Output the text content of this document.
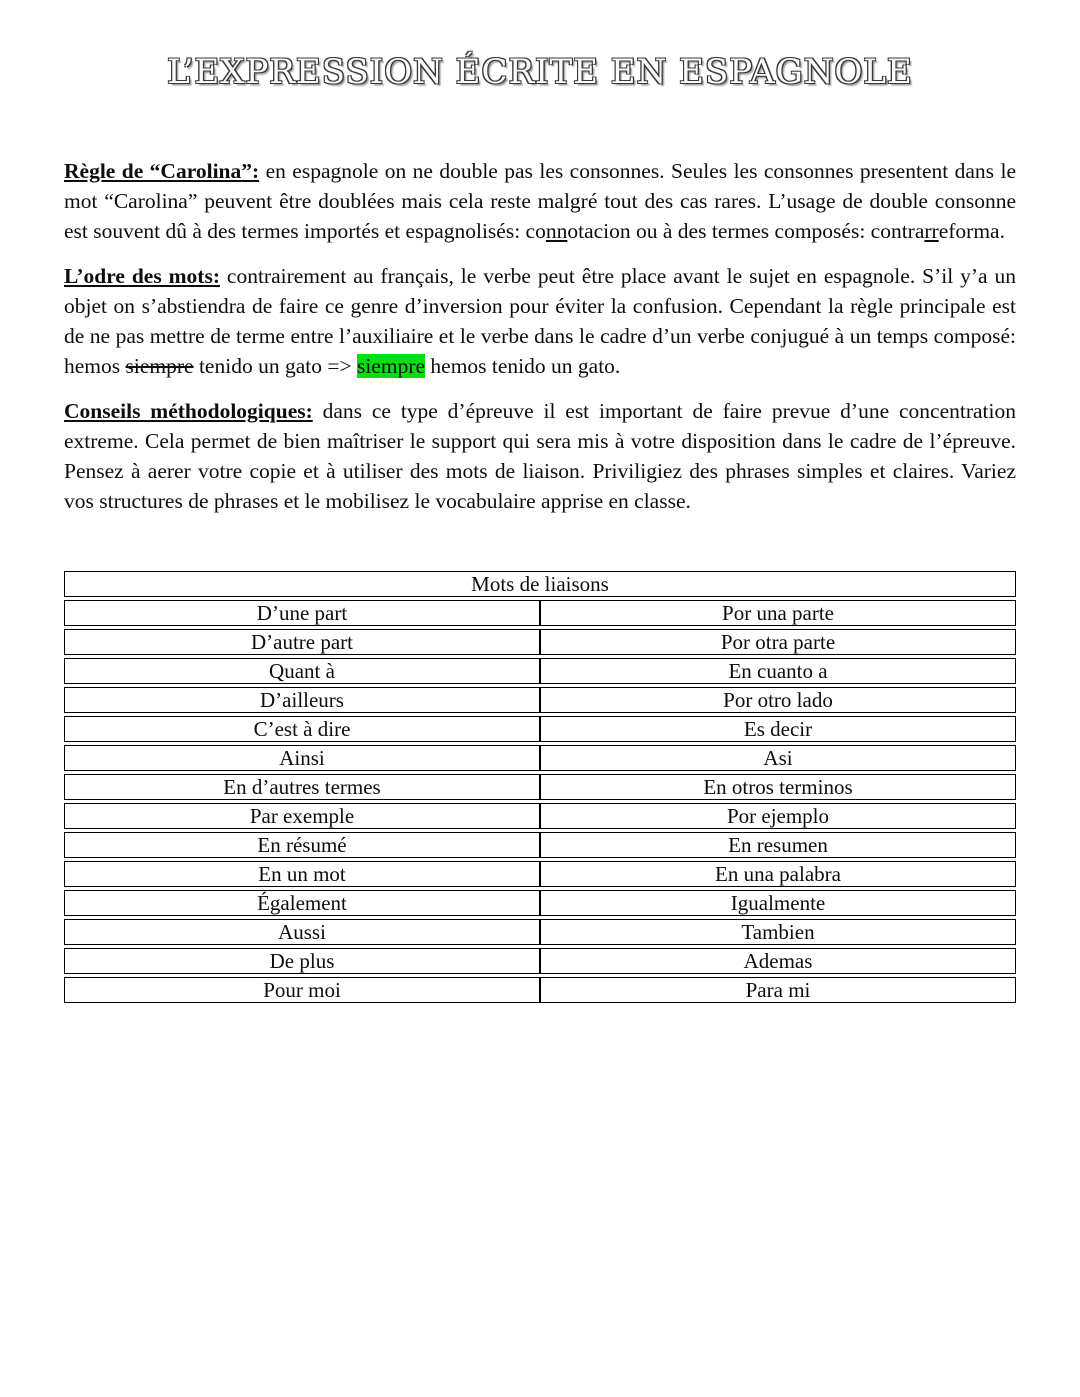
L’EXPRESSION ÉCRITE EN ESPAGNOLE

Règle de “Carolina”: en espagnole on ne double pas les consonnes. Seules les consonnes presentent dans le mot “Carolina” peuvent être doublées mais cela reste malgré tout des cas rares. L’usage de double consonne est souvent dû à des termes importés et espagnolisés: connotacion ou à des termes composés: contrarreforma.

L’odre des mots: contrairement au français, le verbe peut être place avant le sujet en espagnole. S’il y’a un objet on s’abstiendra de faire ce genre d’inversion pour éviter la confusion. Cependant la règle principale est de ne pas mettre de terme entre l’auxiliaire et le verbe dans le cadre d’un verbe conjugué à un temps composé: hemos siempre tenido un gato => siempre hemos tenido un gato.

Conseils méthodologiques: dans ce type d’épreuve il est important de faire prevue d’une concentration extreme. Cela permet de bien maîtriser le support qui sera mis à votre disposition dans le cadre de l’épreuve. Pensez à aerer votre copie et à utiliser des mots de liaison. Priviligiez des phrases simples et claires. Variez vos structures de phrases et le mobilisez le vocabulaire apprise en classe.

Mots de liaisons	
D’une part	Por una parte
D’autre part	Por otra parte
Quant à	En cuanto a
D’ailleurs	Por otro lado
C’est à dire	Es decir
Ainsi	Asi
En d’autres termes	En otros terminos
Par exemple	Por ejemplo
En résumé	En resumen
En un mot	En una palabra
Également	Igualmente
Aussi	Tambien
De plus	Ademas
Pour moi	Para mi
